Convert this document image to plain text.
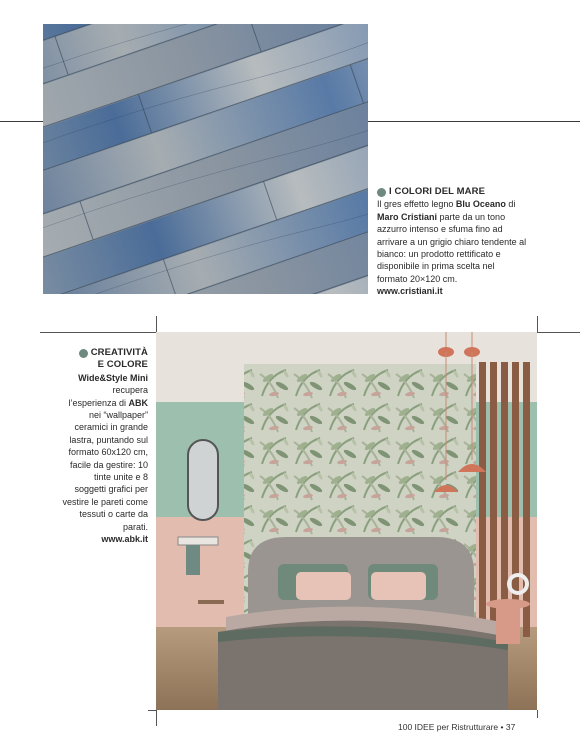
I COLORI DEL MARE
Il gres effetto legno Blu Oceano di
Maro Cristiani parte da un tono azzurro intenso e sfuma fino ad arrivare a un grigio chiaro tendente al bianco: un prodotto rettificato e disponibile in prima scelta nel formato 20×120 cm.
www.cristiani.it
CREATIVITÀ
E COLORE
Wide&Style Mini
recupera l’esperienza di ABK nei “wallpaper” ceramici in grande lastra, puntando sul formato 60x120 cm, facile da gestire: 10 tinte unite e 8 soggetti grafici per vestire le pareti come tessuti o carte da parati.
www.abk.it
100 IDEE per Ristrutturare • 37
